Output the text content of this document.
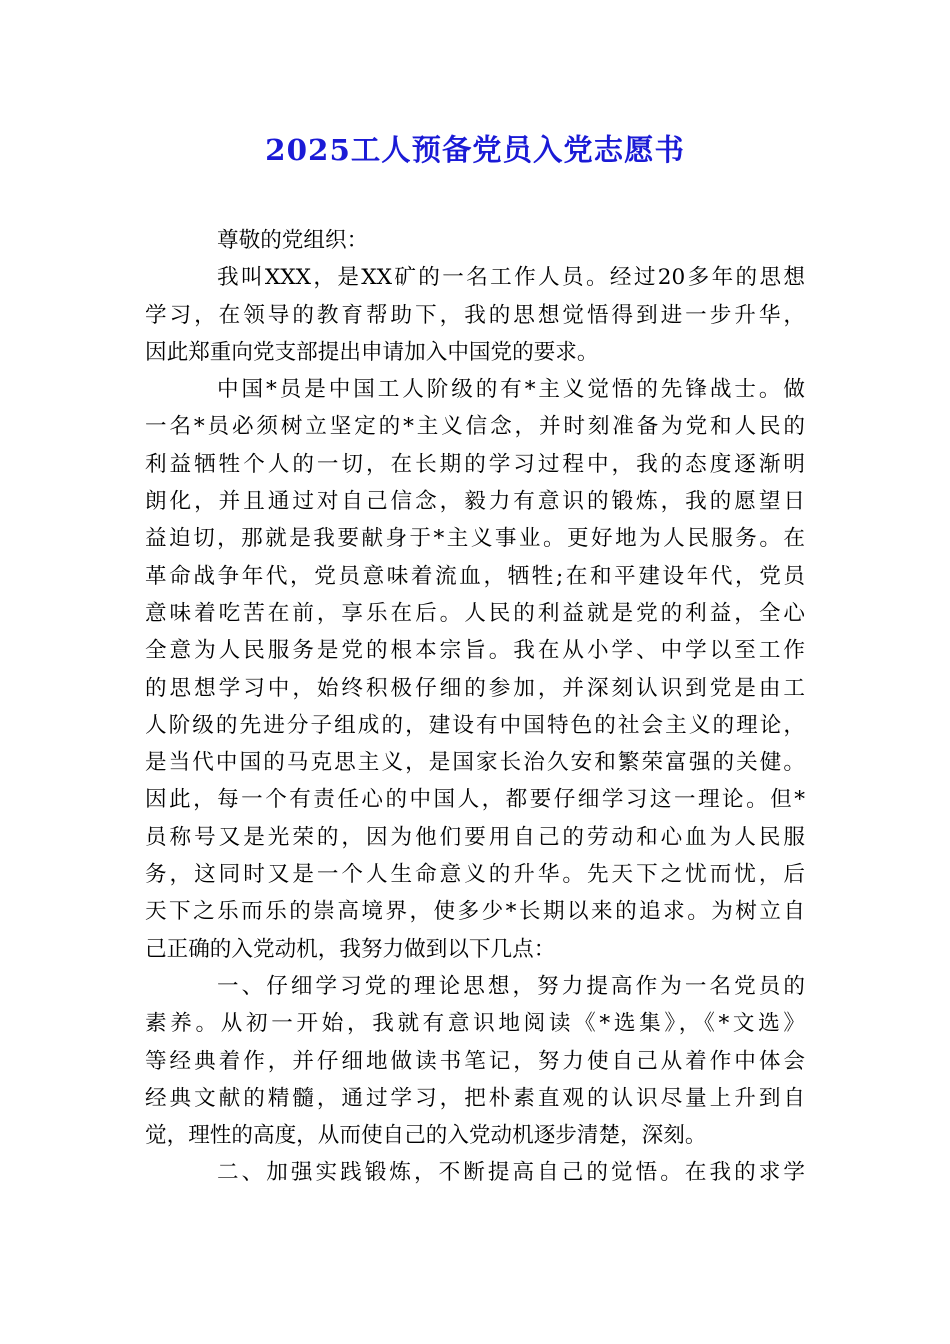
2025工人预备党员入党志愿书
尊敬的党组织：
我叫XXX，是XX矿的一名工作人员。经过20多年的思想
学习，在领导的教育帮助下，我的思想觉悟得到进一步升华，
因此郑重向党支部提出申请加入中国党的要求。
中国*员是中国工人阶级的有*主义觉悟的先锋战士。做
一名*员必须树立坚定的*主义信念，并时刻准备为党和人民的
利益牺牲个人的一切，在长期的学习过程中，我的态度逐渐明
朗化，并且通过对自己信念，毅力有意识的锻炼，我的愿望日
益迫切，那就是我要献身于*主义事业。更好地为人民服务。在
革命战争年代，党员意味着流血，牺牲;在和平建设年代，党员
意味着吃苦在前，享乐在后。人民的利益就是党的利益，全心
全意为人民服务是党的根本宗旨。我在从小学、中学以至工作
的思想学习中，始终积极仔细的参加，并深刻认识到党是由工
人阶级的先进分子组成的，建设有中国特色的社会主义的理论，
是当代中国的马克思主义，是国家长治久安和繁荣富强的关健。
因此，每一个有责任心的中国人，都要仔细学习这一理论。但*
员称号又是光荣的，因为他们要用自己的劳动和心血为人民服
务，这同时又是一个人生命意义的升华。先天下之忧而忧，后
天下之乐而乐的崇高境界，使多少*长期以来的追求。为树立自
己正确的入党动机，我努力做到以下几点：
一、仔细学习党的理论思想，努力提高作为一名党员的
素养。从初一开始，我就有意识地阅读《*选集》，《*文选》
等经典着作，并仔细地做读书笔记，努力使自己从着作中体会
经典文献的精髓，通过学习，把朴素直观的认识尽量上升到自
觉，理性的高度，从而使自己的入党动机逐步清楚，深刻。
二、加强实践锻炼，不断提高自己的觉悟。在我的求学
